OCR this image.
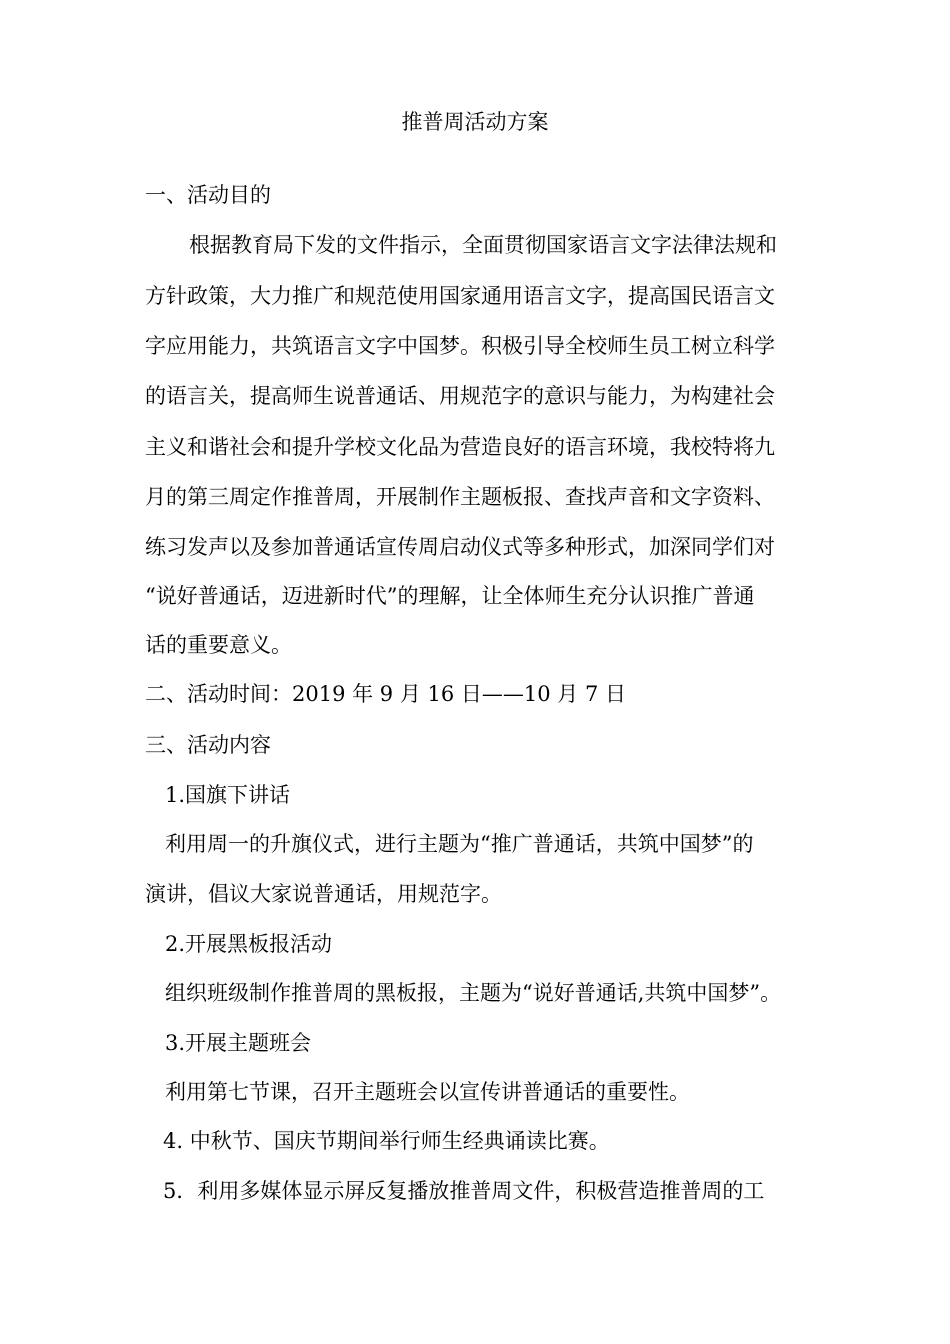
推普周活动方案
一、活动目的
根据教育局下发的文件指示，全面贯彻国家语言文字法律法规和
方针政策，大力推广和规范使用国家通用语言文字，提高国民语言文
字应用能力，共筑语言文字中国梦。积极引导全校师生员工树立科学
的语言关，提高师生说普通话、用规范字的意识与能力，为构建社会
主义和谐社会和提升学校文化品为营造良好的语言环境，我校特将九
月的第三周定作推普周，开展制作主题板报、查找声音和文字资料、
练习发声以及参加普通话宣传周启动仪式等多种形式，加深同学们对
“说好普通话，迈进新时代”的理解，让全体师生充分认识推广普通
话的重要意义。
二、活动时间：2019 年 9 月 16 日——10 月 7 日
三、活动内容
1.国旗下讲话
利用周一的升旗仪式，进行主题为“推广普通话，共筑中国梦”的
演讲，倡议大家说普通话，用规范字。
2.开展黑板报活动
组织班级制作推普周的黑板报，主题为“说好普通话,共筑中国梦”。
3.开展主题班会
利用第七节课，召开主题班会以宣传讲普通话的重要性。
4. 中秋节、国庆节期间举行师生经典诵读比赛。
5．利用多媒体显示屏反复播放推普周文件，积极营造推普周的工
